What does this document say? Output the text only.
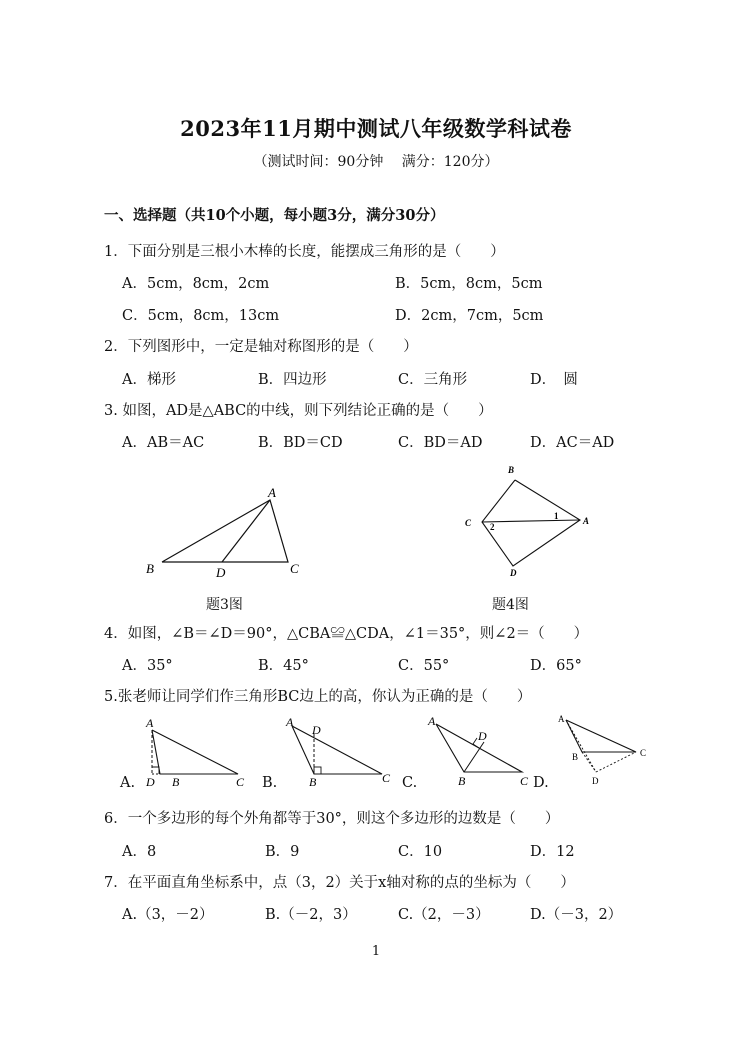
2023年11月期中测试八年级数学科试卷
（测试时间：90分钟　 满分：120分）
一、选择题（共10个小题，每小题3分，满分30分）
1．下面分别是三根小木棒的长度，能摆成三角形的是（　　）
A．5cm，8cm，2cm	B．5cm，8cm，5cm
C．5cm，8cm，13cm	D．2cm，7cm，5cm
2．下列图形中，一定是轴对称图形的是（　　）
A．梯形	B．四边形	C．三角形	D．　圆
3. 如图，AD是△ABC的中线，则下列结论正确的是（　　）
A．AB＝AC	B．BD＝CD	C．BD＝AD	D．AC＝AD
A
B	D	C
题3图
B
A
C
D
1
2
题4图
4．如图，∠B＝∠D＝90°，△CBA≌△CDA，∠1＝35°，则∠2＝（　　）
A．35°	B．45°	C．55°	D．65°
5.张老师让同学们作三角形BC边上的高，你认为正确的是（　　）
A
D B	C
A.
A
D
B	C
B.
A
D
B	C
C.
A
B	C
D
D.
6．一个多边形的每个外角都等于30°，则这个多边形的边数是（　　）
A．8	B．9	C．10	D．12
7．在平面直角坐标系中，点（3，2）关于x轴对称的点的坐标为（　　）
A.（3，－2）	B.（－2，3）	C.（2，－3）	D.（－3，2）
1
